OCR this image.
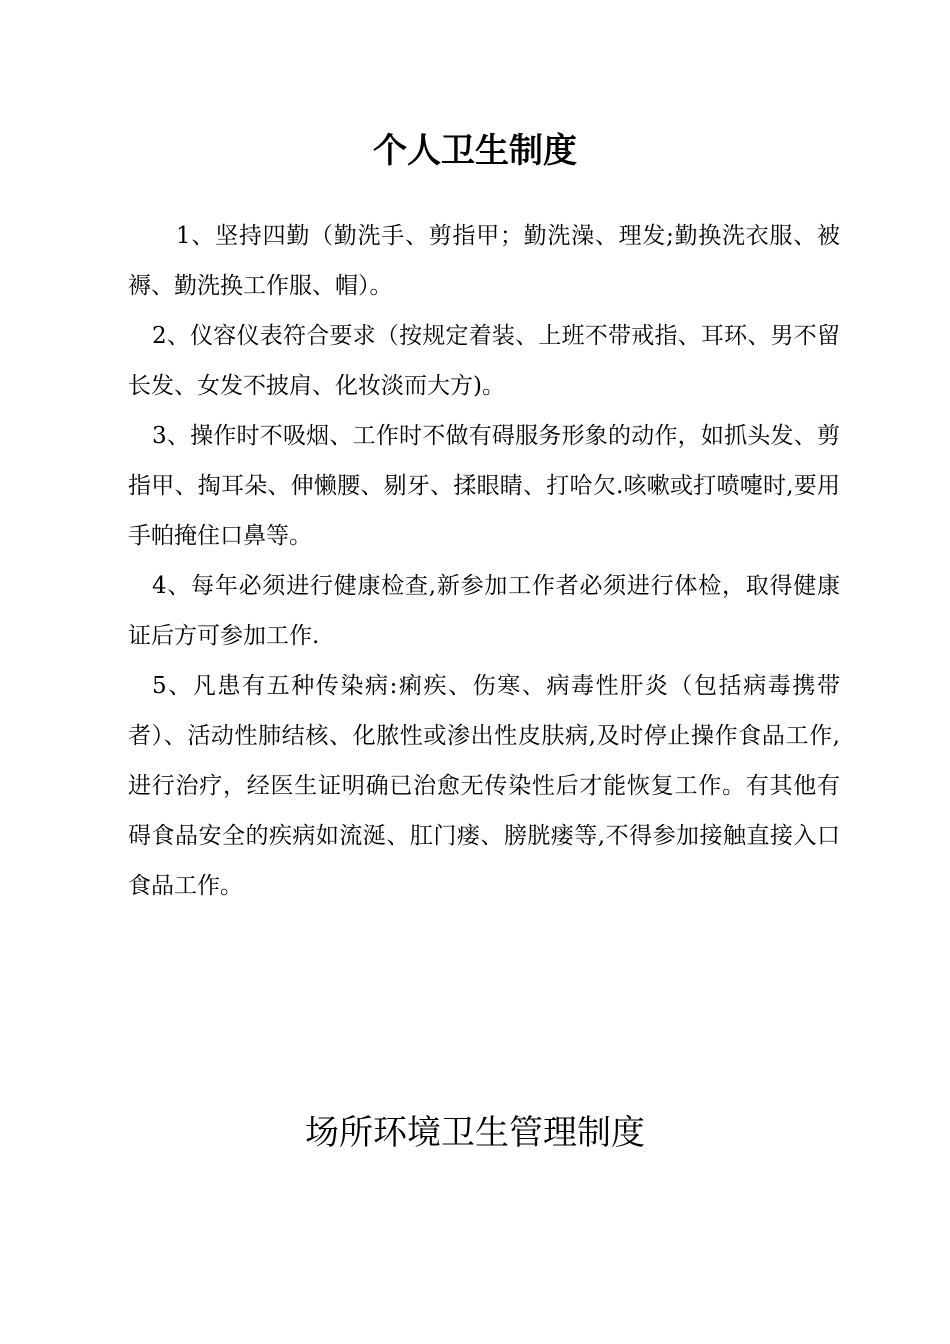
个人卫生制度

1、坚持四勤（勤洗手、剪指甲；勤洗澡、理发;勤换洗衣服、被褥、勤洗换工作服、帽）。

2、仪容仪表符合要求（按规定着装、上班不带戒指、耳环、男不留长发、女发不披肩、化妆淡而大方)。

3、操作时不吸烟、工作时不做有碍服务形象的动作，如抓头发、剪指甲、掏耳朵、伸懒腰、剔牙、揉眼睛、打哈欠.咳嗽或打喷嚏时,要用手帕掩住口鼻等。

4、每年必须进行健康检查,新参加工作者必须进行体检，取得健康证后方可参加工作.

5、凡患有五种传染病:痢疾、伤寒、病毒性肝炎（包括病毒携带者）、活动性肺结核、化脓性或渗出性皮肤病,及时停止操作食品工作,进行治疗，经医生证明确已治愈无传染性后才能恢复工作。有其他有碍食品安全的疾病如流涎、肛门瘘、膀胱瘘等,不得参加接触直接入口食品工作。

场所环境卫生管理制度
